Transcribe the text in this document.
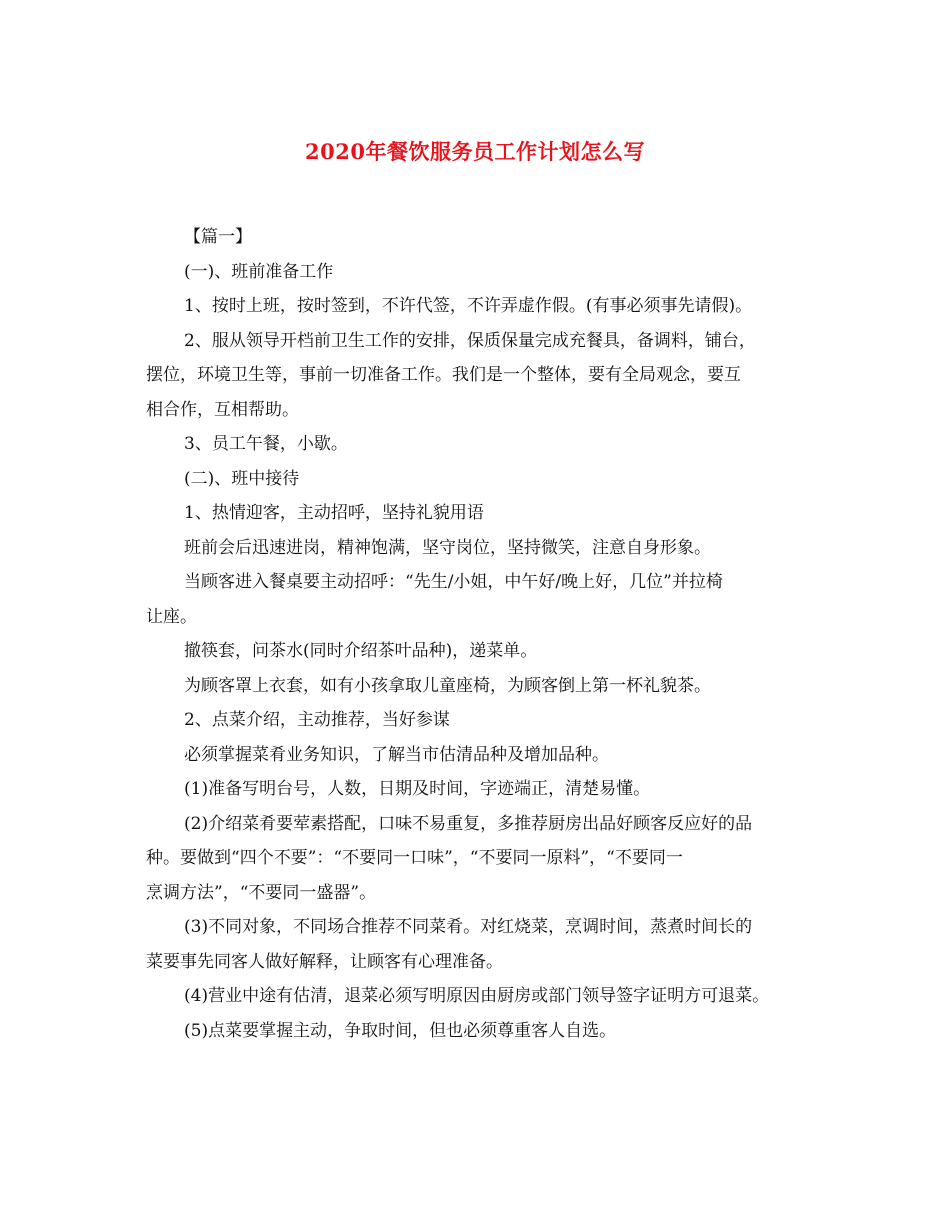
2020年餐饮服务员工作计划怎么写

【篇一】

(一)、班前准备工作

1、按时上班，按时签到，不许代签，不许弄虚作假。(有事必须事先请假)。

2、服从领导开档前卫生工作的安排，保质保量完成充餐具，备调料，铺台，
摆位，环境卫生等，事前一切准备工作。我们是一个整体，要有全局观念，要互
相合作，互相帮助。

3、员工午餐，小歇。

(二)、班中接待

1、热情迎客，主动招呼，坚持礼貌用语

班前会后迅速进岗，精神饱满，坚守岗位，坚持微笑，注意自身形象。

当顾客进入餐桌要主动招呼：“先生/小姐，中午好/晚上好，几位”并拉椅
让座。

撤筷套，问茶水(同时介绍茶叶品种)，递菜单。

为顾客罩上衣套，如有小孩拿取儿童座椅，为顾客倒上第一杯礼貌茶。

2、点菜介绍，主动推荐，当好参谋

必须掌握菜肴业务知识，了解当市估清品种及增加品种。

(1)准备写明台号，人数，日期及时间，字迹端正，清楚易懂。

(2)介绍菜肴要荤素搭配，口味不易重复，多推荐厨房出品好顾客反应好的品
种。要做到“四个不要”：“不要同一口味”，“不要同一原料”，“不要同一
烹调方法”，“不要同一盛器”。

(3)不同对象，不同场合推荐不同菜肴。对红烧菜，烹调时间，蒸煮时间长的
菜要事先同客人做好解释，让顾客有心理准备。

(4)营业中途有估清，退菜必须写明原因由厨房或部门领导签字证明方可退菜。

(5)点菜要掌握主动，争取时间，但也必须尊重客人自选。
